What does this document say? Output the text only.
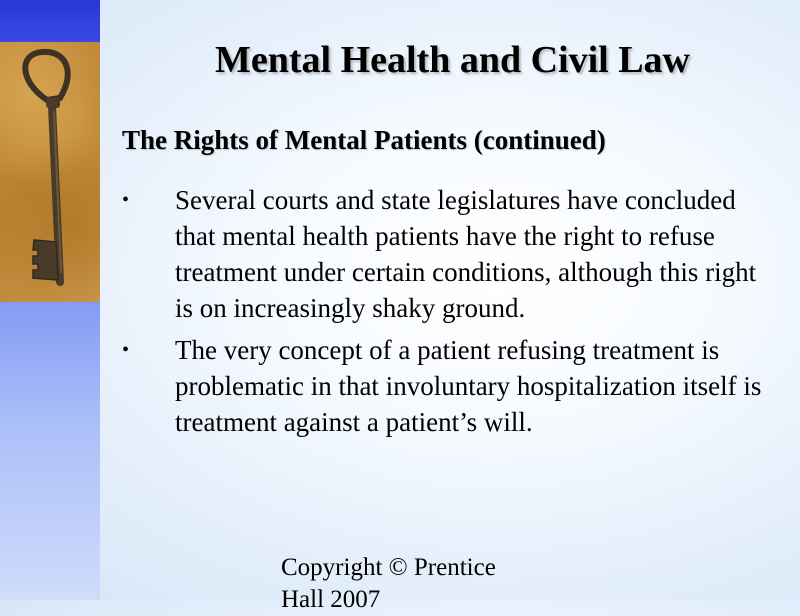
Mental Health and Civil Law
The Rights of Mental Patients (continued)
• Several courts and state legislatures have concluded that mental health patients have the right to refuse treatment under certain conditions, although this right is on increasingly shaky ground.
• The very concept of a patient refusing treatment is problematic in that involuntary hospitalization itself is treatment against a patient’s will.

Copyright © Prentice Hall 2007
